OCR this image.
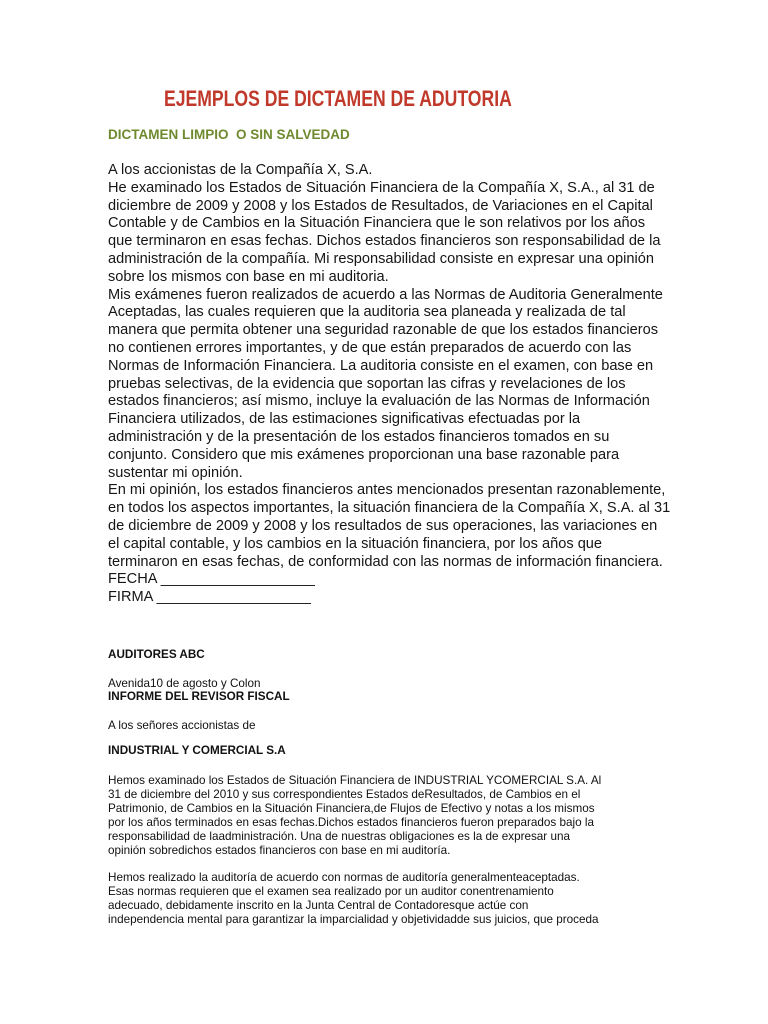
EJEMPLOS DE DICTAMEN DE ADUTORIA
DICTAMEN LIMPIO  O SIN SALVEDAD
A los accionistas de la Compañía X, S.A.
He examinado los Estados de Situación Financiera de la Compañía X, S.A., al 31 de
diciembre de 2009 y 2008 y los Estados de Resultados, de Variaciones en el Capital
Contable y de Cambios en la Situación Financiera que le son relativos por los años
que terminaron en esas fechas. Dichos estados financieros son responsabilidad de la
administración de la compañía. Mi responsabilidad consiste en expresar una opinión
sobre los mismos con base en mi auditoria.
Mis exámenes fueron realizados de acuerdo a las Normas de Auditoria Generalmente
Aceptadas, las cuales requieren que la auditoria sea planeada y realizada de tal
manera que permita obtener una seguridad razonable de que los estados financieros
no contienen errores importantes, y de que están preparados de acuerdo con las
Normas de Información Financiera. La auditoria consiste en el examen, con base en
pruebas selectivas, de la evidencia que soportan las cifras y revelaciones de los
estados financieros; así mismo, incluye la evaluación de las Normas de Información
Financiera utilizados, de las estimaciones significativas efectuadas por la
administración y de la presentación de los estados financieros tomados en su
conjunto. Considero que mis exámenes proporcionan una base razonable para
sustentar mi opinión.
En mi opinión, los estados financieros antes mencionados presentan razonablemente,
en todos los aspectos importantes, la situación financiera de la Compañía X, S.A. al 31
de diciembre de 2009 y 2008 y los resultados de sus operaciones, las variaciones en
el capital contable, y los cambios en la situación financiera, por los años que
terminaron en esas fechas, de conformidad con las normas de información financiera.
FECHA ___________________
FIRMA ___________________
AUDITORES ABC
Avenida10 de agosto y Colon
INFORME DEL REVISOR FISCAL
A los señores accionistas de
INDUSTRIAL Y COMERCIAL S.A
Hemos examinado los Estados de Situación Financiera de INDUSTRIAL YCOMERCIAL S.A. Al
31 de diciembre del 2010 y sus correspondientes Estados deResultados, de Cambios en el
Patrimonio, de Cambios en la Situación Financiera,de Flujos de Efectivo y notas a los mismos
por los años terminados en esas fechas.Dichos estados financieros fueron preparados bajo la
responsabilidad de laadministración. Una de nuestras obligaciones es la de expresar una
opinión sobredichos estados financieros con base en mi auditoría.
Hemos realizado la auditoría de acuerdo con normas de auditoría generalmenteaceptadas.
Esas normas requieren que el examen sea realizado por un auditor conentrenamiento
adecuado, debidamente inscrito en la Junta Central de Contadoresque actúe con
independencia mental para garantizar la imparcialidad y objetividadde sus juicios, que proceda
